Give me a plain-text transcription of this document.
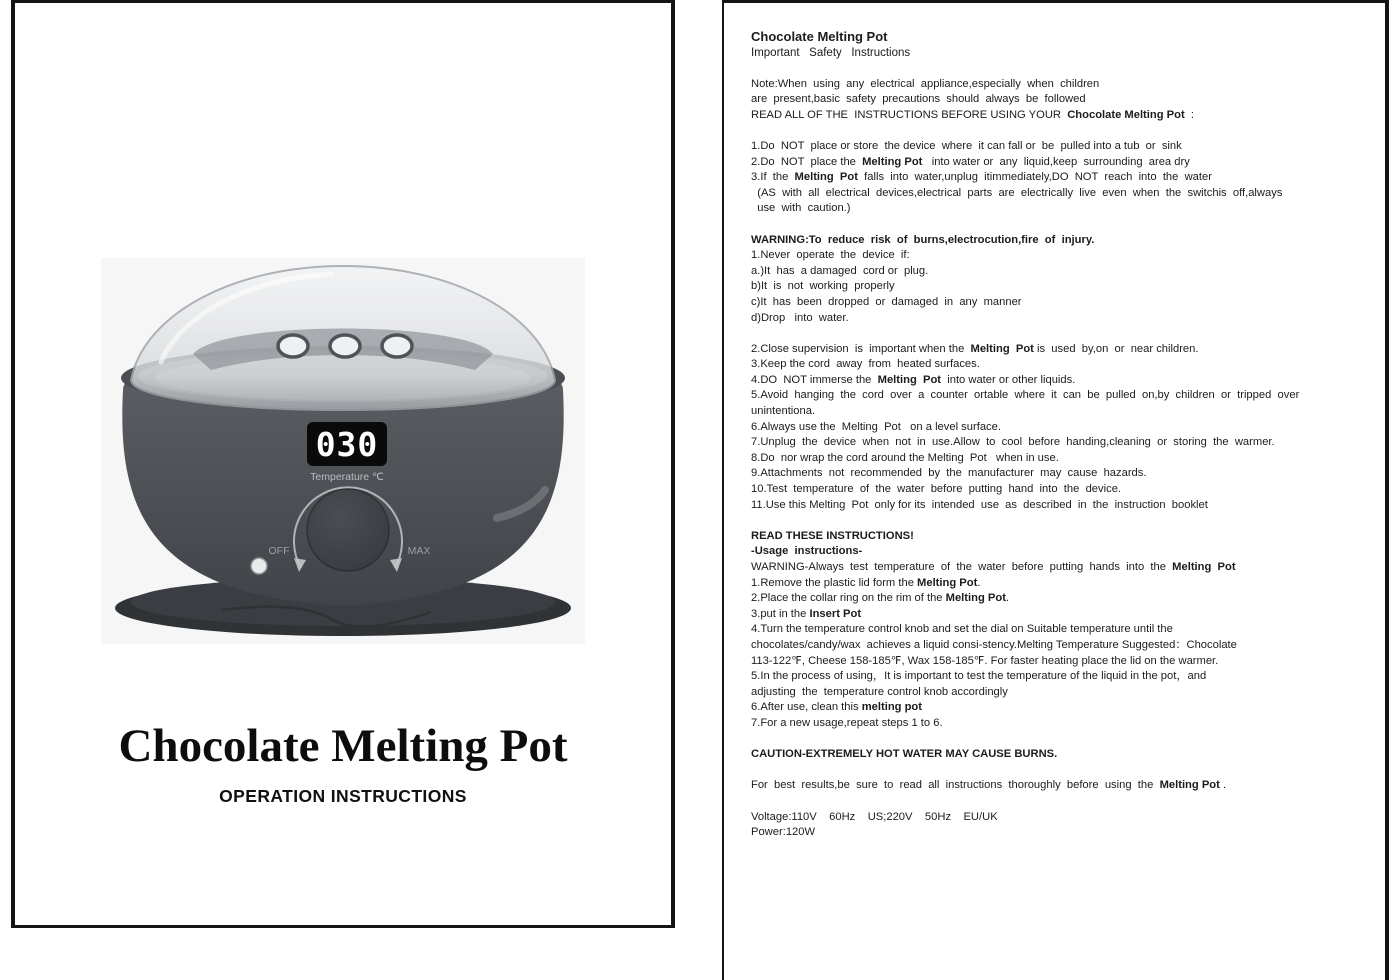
030
Temperature ℃
OFF	MAX
Chocolate Melting Pot
OPERATION INSTRUCTIONS
Chocolate Melting Pot
Important   Safety   Instructions
Note:When  using  any  electrical  appliance,especially  when  children
are  present,basic  safety  precautions  should  always  be  followed
READ ALL OF THE  INSTRUCTIONS BEFORE USING YOUR  Chocolate Melting Pot  :
1.Do  NOT  place or store  the device  where  it can fall or  be  pulled into a tub  or  sink
2.Do  NOT  place the  Melting Pot   into water or  any  liquid,keep  surrounding  area dry
3.If  the  Melting  Pot  falls  into  water,unplug  itimmediately,DO  NOT  reach  into  the  water
(AS  with  all  electrical  devices,electrical  parts  are  electrically  live  even  when  the  switchis  off,always
use  with  caution.)
WARNING:To  reduce  risk  of  burns,electrocution,fire  of  injury.
1.Never  operate  the  device  if:
a.)It  has  a damaged  cord or  plug.
b)It  is  not  working  properly
c)It  has  been  dropped  or  damaged  in  any  manner
d)Drop   into  water.
2.Close supervision  is  important when the  Melting  Pot is  used  by,on  or  near children.
3.Keep the cord  away  from  heated surfaces.
4.DO  NOT immerse the  Melting  Pot  into water or other liquids.
5.Avoid  hanging  the  cord  over  a  counter  ortable  where  it  can  be  pulled  on,by  children  or  tripped  over
unintentiona.
6.Always use the  Melting  Pot   on a level surface.
7.Unplug  the  device  when  not  in  use.Allow  to  cool  before  handing,cleaning  or  storing  the  warmer.
8.Do  nor wrap the cord around the Melting  Pot   when in use.
9.Attachments  not  recommended  by  the  manufacturer  may  cause  hazards.
10.Test  temperature  of  the  water  before  putting  hand  into  the  device.
11.Use this Melting  Pot  only for its  intended  use  as  described  in  the  instruction  booklet
READ THESE INSTRUCTIONS!
-Usage  instructions-
WARNING-Always  test  temperature  of  the  water  before  putting  hands  into  the  Melting  Pot
1.Remove the plastic lid form the Melting Pot.
2.Place the collar ring on the rim of the Melting Pot.
3.put in the Insert Pot
4.Turn the temperature control knob and set the dial on Suitable temperature until the
chocolates/candy/wax  achieves a liquid consi-stency.Melting Temperature Suggested：Chocolate
113-122℉, Cheese 158-185℉, Wax 158-185℉. For faster heating place the lid on the warmer.
5.In the process of using，It is important to test the temperature of the liquid in the pot，and
adjusting  the  temperature control knob accordingly
6.After use, clean this melting pot
7.For a new usage,repeat steps 1 to 6.
CAUTION-EXTREMELY HOT WATER MAY CAUSE BURNS.
For  best  results,be  sure  to  read  all  instructions  thoroughly  before  using  the  Melting Pot .
Voltage:110V    60Hz    US;220V    50Hz    EU/UK
Power:120W
